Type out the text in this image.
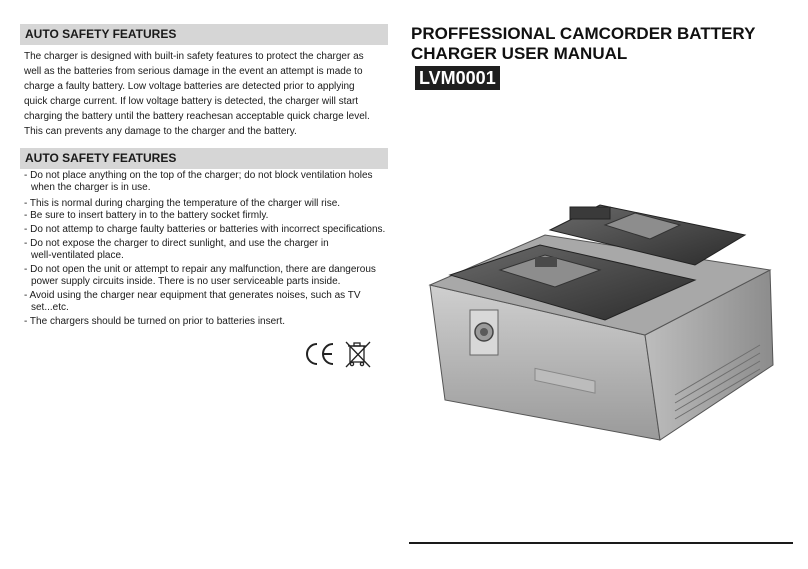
AUTO SAFETY FEATURES
The charger is designed with built-in safety features to protect the charger as
well as the batteries from serious damage in the event an attempt is made to
charge a faulty battery. Low voltage batteries are detected prior to applying
quick charge current. If low voltage battery is detected, the charger will start
charging the battery until the battery reachesan acceptable quick charge level.
This can prevents any damage to the charger and the battery.
AUTO SAFETY FEATURES
- Do not place anything on the top of the charger; do not block ventilation holes
when the charger is in use.
- This is normal during charging the temperature of the charger will rise.
- Be sure to insert battery in to the battery socket firmly.
- Do not attemp to charge faulty batteries or batteries with incorrect specifications.
- Do not expose the charger to direct sunlight, and use the charger in
well-ventilated place.
- Do not open the unit or attempt to repair any malfunction, there are dangerous
power supply circuits inside. There is no user serviceable parts inside.
- Avoid using the charger near equipment that generates noises, such as TV
set...etc.
- The chargers should be turned on prior to batteries insert.
PROFFESSIONAL CAMCORDER BATTERY
CHARGER USER MANUAL
LVM0001
